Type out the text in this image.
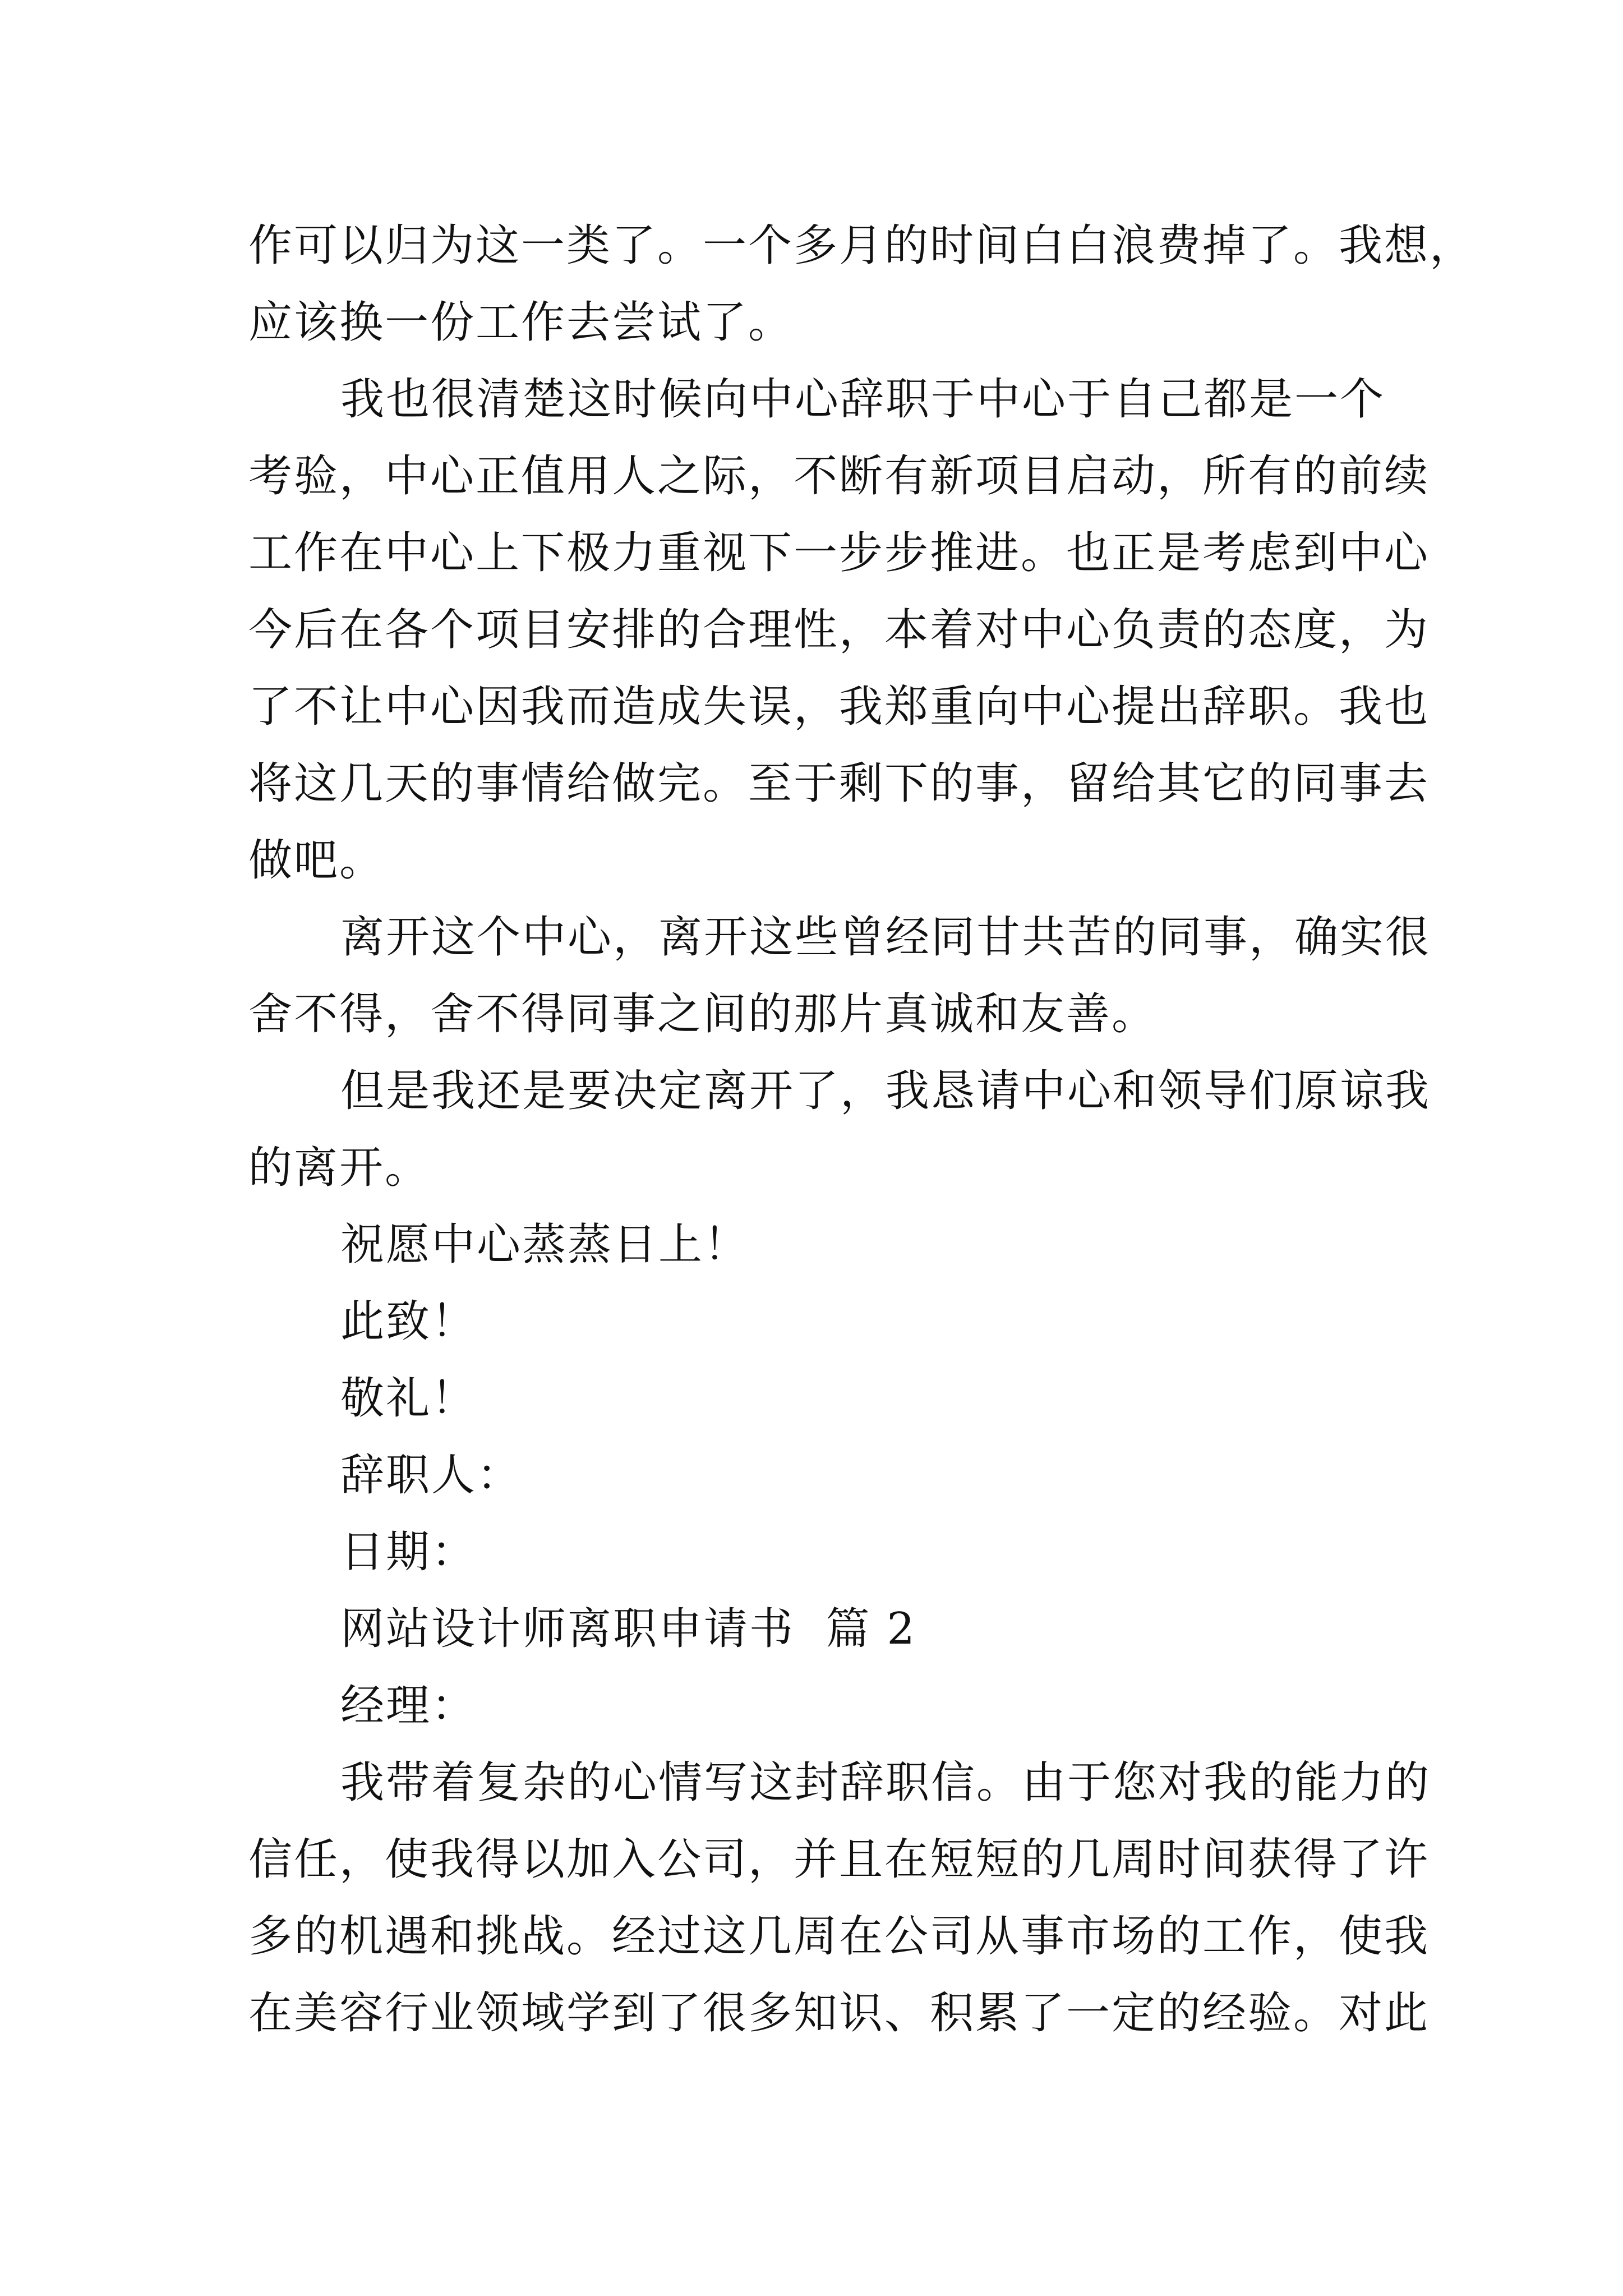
作可以归为这一类了。一个多月的时间白白浪费掉了。我想，
应该换一份工作去尝试了。
我也很清楚这时候向中心辞职于中心于自己都是一个
考验，中心正值用人之际，不断有新项目启动，所有的前续
工作在中心上下极力重视下一步步推进。也正是考虑到中心
今后在各个项目安排的合理性，本着对中心负责的态度，为
了不让中心因我而造成失误，我郑重向中心提出辞职。我也
将这几天的事情给做完。至于剩下的事，留给其它的同事去
做吧。
离开这个中心，离开这些曾经同甘共苦的同事，确实很
舍不得，舍不得同事之间的那片真诚和友善。
但是我还是要决定离开了，我恳请中心和领导们原谅我
的离开。

祝愿中心蒸蒸日上！

此致！

敬礼！

辞职人：

日期：

网站设计师离职申请书  篇 2

经理：

我带着复杂的心情写这封辞职信。由于您对我的能力的
信任，使我得以加入公司，并且在短短的几周时间获得了许
多的机遇和挑战。经过这几周在公司从事市场的工作，使我
在美容行业领域学到了很多知识、积累了一定的经验。对此
